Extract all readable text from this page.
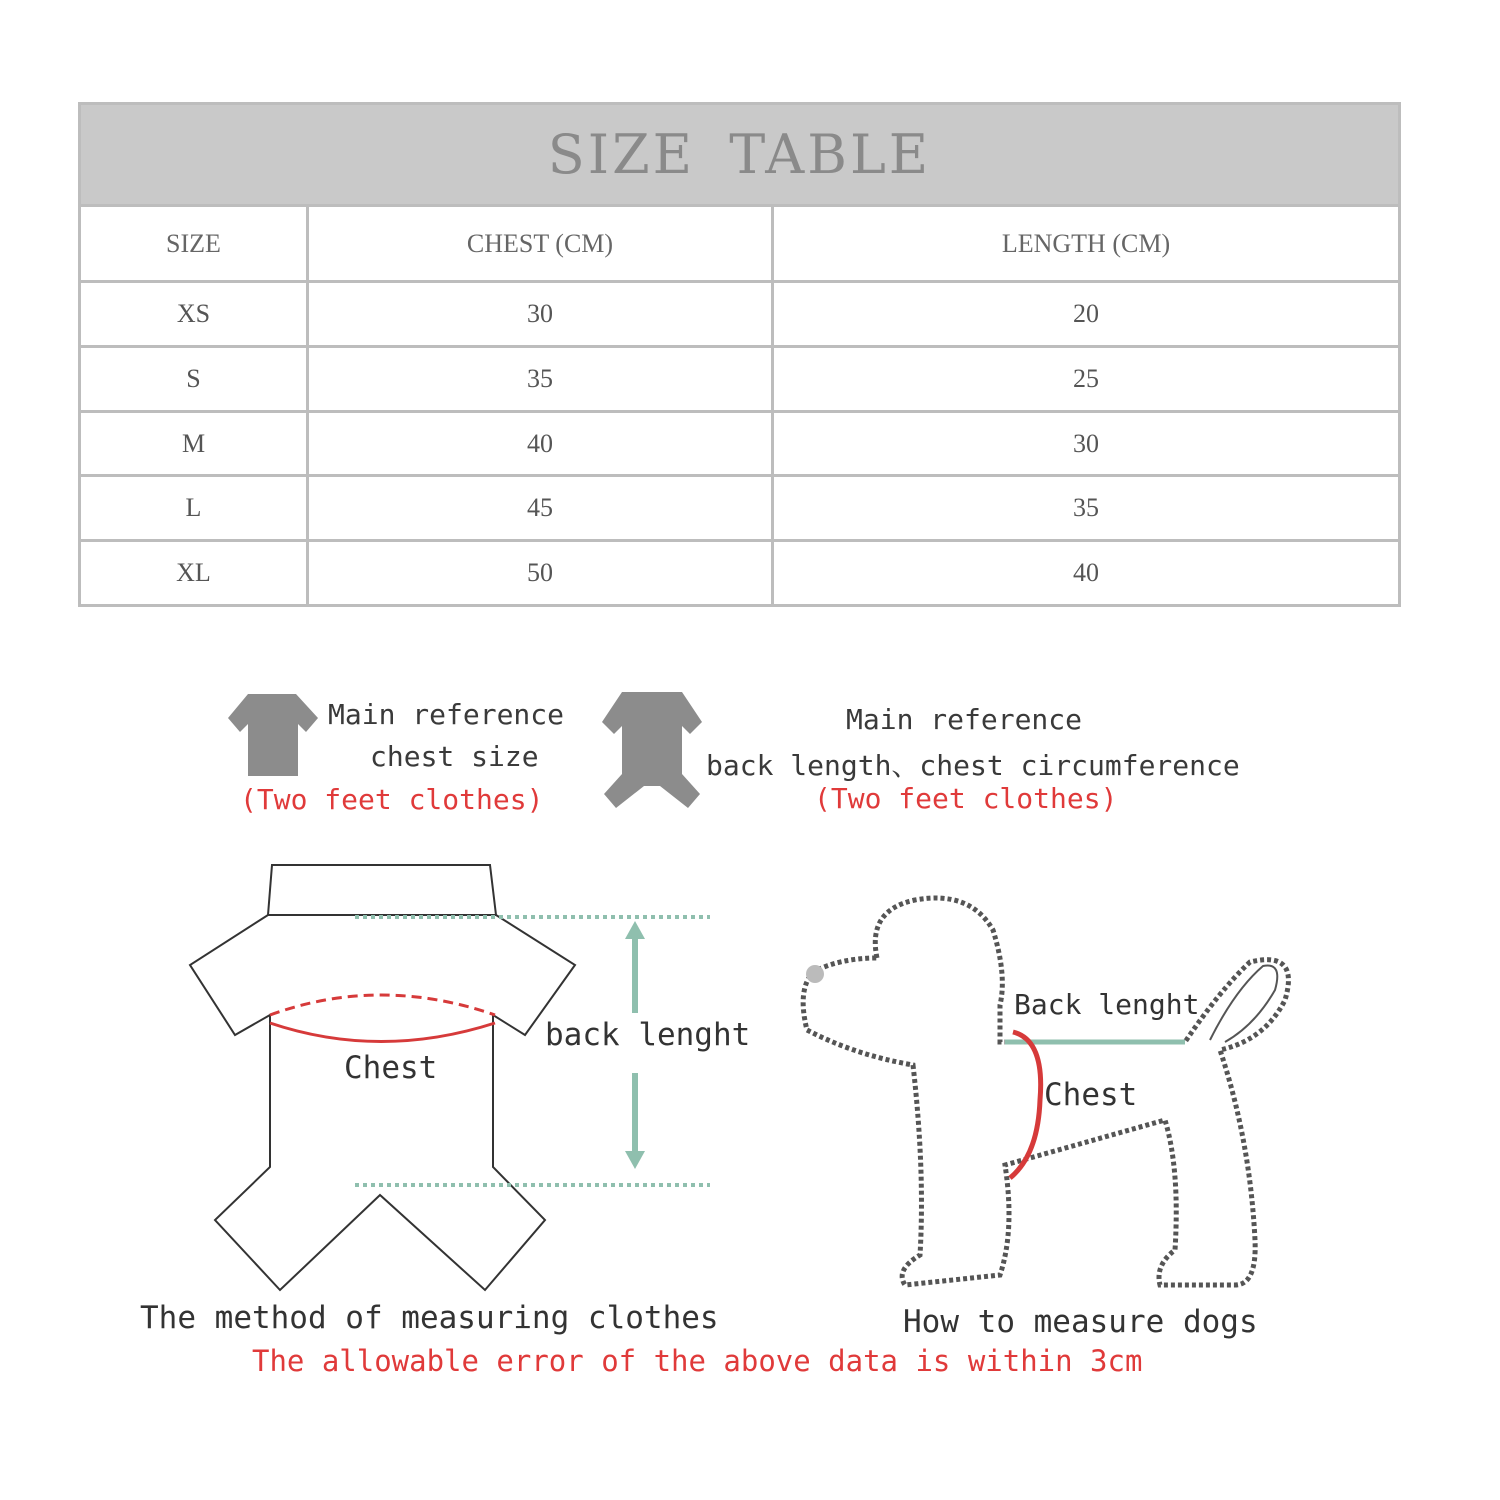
SIZE TABLE		
SIZE	CHEST (CM)	LENGTH (CM)
XS	30	20
S	35	25
M	40	30
L	45	35
XL	50	40
Main reference
chest size
(Two feet clothes)
Main reference
back length、chest circumference
(Two feet clothes)
Chest
back lenght
The method of measuring clothes
Back lenght
Chest
How to measure dogs
The allowable error of the above data is within 3cm
